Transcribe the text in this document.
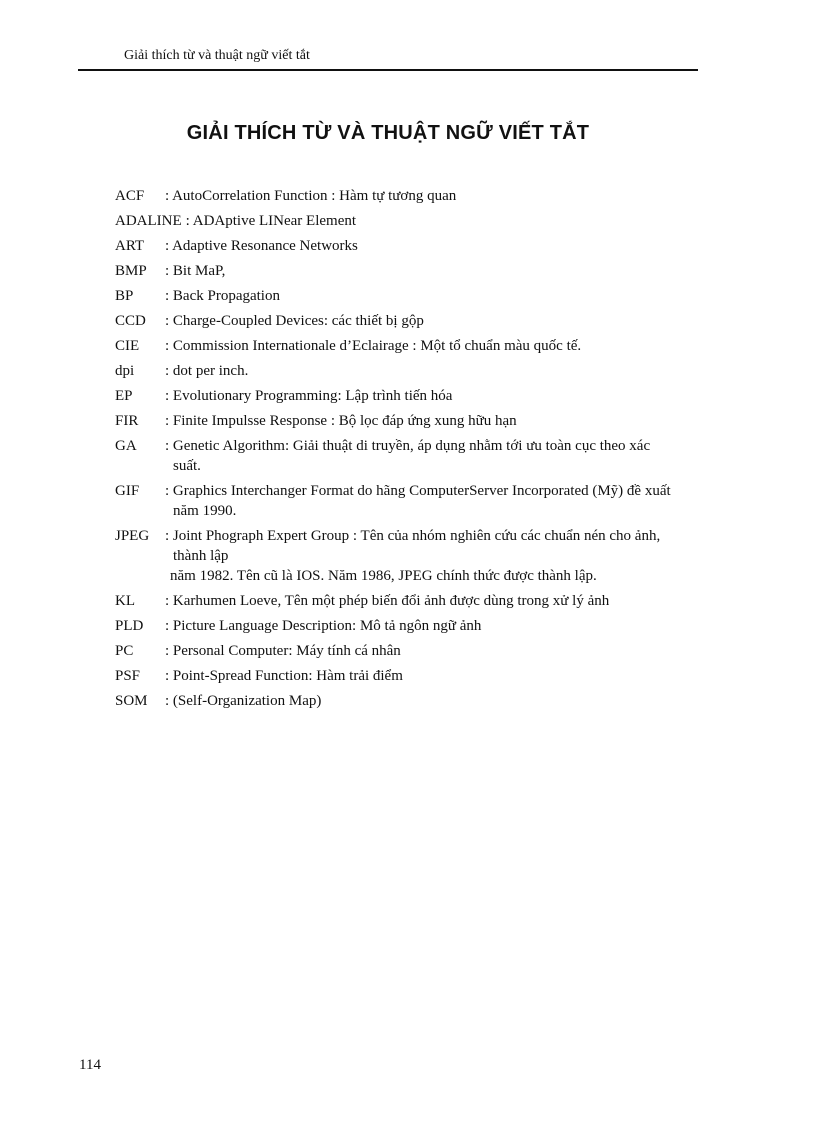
Giải thích từ và thuật ngữ viết tắt
GIẢI THÍCH TỪ VÀ THUẬT NGỮ VIẾT TẮT
ACF	: AutoCorrelation Function : Hàm tự tương quan
ADALINE : ADAptive LINear Element
ART	: Adaptive Resonance Networks
BMP	: Bit MaP,
BP	: Back Propagation
CCD	: Charge-Coupled Devices: các thiết bị gộp
CIE	: Commission Internationale d’Eclairage : Một tổ chuẩn màu quốc tế.
dpi	: dot per inch.
EP	: Evolutionary Programming: Lập trình tiến hóa
FIR	: Finite Impulsse Response : Bộ lọc đáp ứng xung hữu hạn
GA	: Genetic Algorithm: Giải thuật di truyền, áp dụng nhằm tới ưu toàn cục theo xác
suất.
GIF	: Graphics Interchanger Format do hãng ComputerServer Incorporated (Mỹ) đề xuất
năm 1990.
JPEG	: Joint Phograph Expert Group : Tên của nhóm nghiên cứu các chuẩn nén cho ảnh,
thành lập
năm 1982. Tên cũ là IOS. Năm 1986, JPEG chính thức được thành lập.
KL	: Karhumen Loeve, Tên một phép biến đổi ảnh được dùng trong xử lý ảnh
PLD	: Picture Language Description: Mô tả ngôn ngữ ảnh
PC	: Personal Computer: Máy tính cá nhân
PSF	: Point-Spread Function: Hàm trải điểm
SOM	: (Self-Organization Map)
114
